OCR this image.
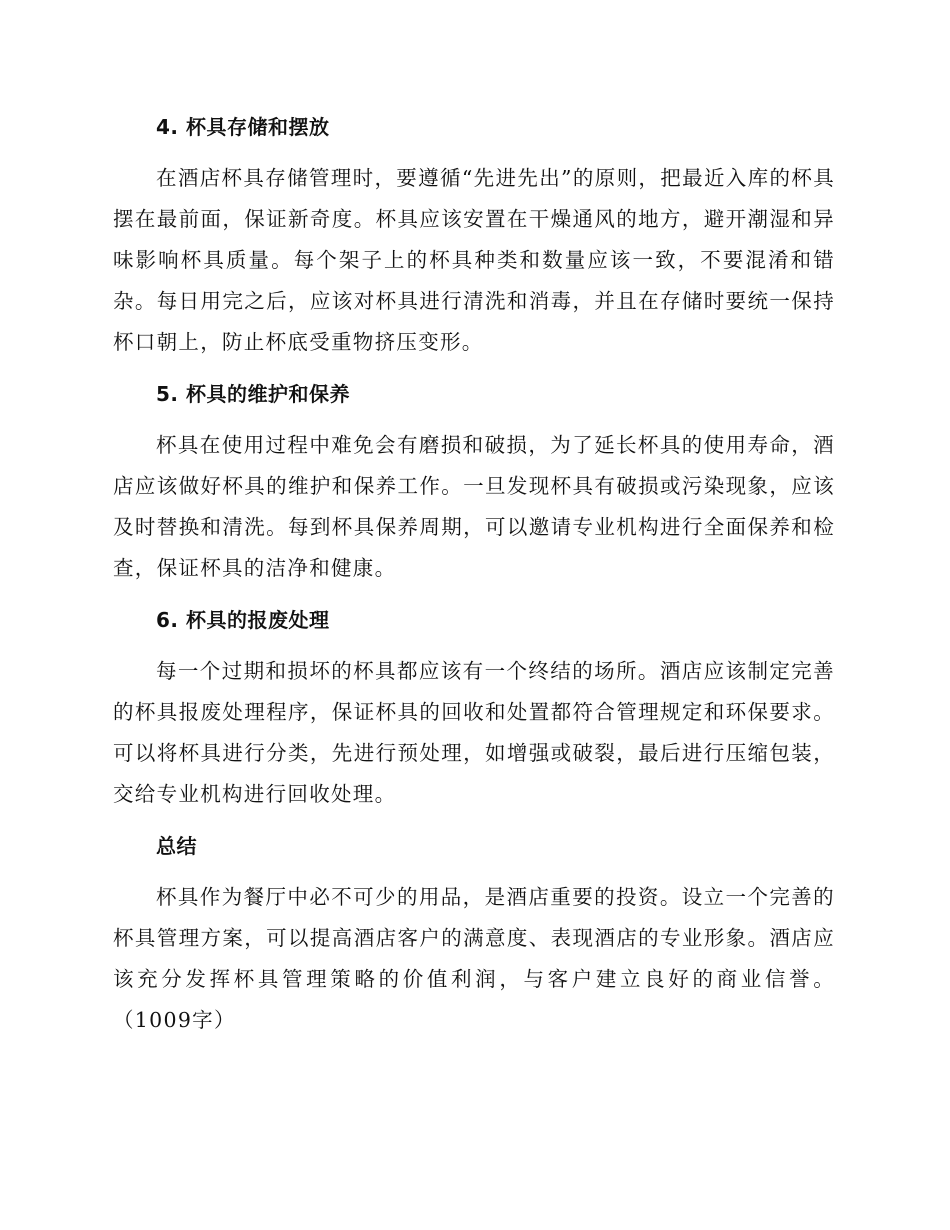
4. 杯具存储和摆放

在酒店杯具存储管理时，要遵循“先进先出”的原则，把最近入库的杯具摆在最前面，保证新奇度。杯具应该安置在干燥通风的地方，避开潮湿和异味影响杯具质量。每个架子上的杯具种类和数量应该一致，不要混淆和错杂。每日用完之后，应该对杯具进行清洗和消毒，并且在存储时要统一保持杯口朝上，防止杯底受重物挤压变形。

5. 杯具的维护和保养

杯具在使用过程中难免会有磨损和破损，为了延长杯具的使用寿命，酒店应该做好杯具的维护和保养工作。一旦发现杯具有破损或污染现象，应该及时替换和清洗。每到杯具保养周期，可以邀请专业机构进行全面保养和检查，保证杯具的洁净和健康。

6. 杯具的报废处理

每一个过期和损坏的杯具都应该有一个终结的场所。酒店应该制定完善的杯具报废处理程序，保证杯具的回收和处置都符合管理规定和环保要求。可以将杯具进行分类，先进行预处理，如增强或破裂，最后进行压缩包装，交给专业机构进行回收处理。

总结

杯具作为餐厅中必不可少的用品，是酒店重要的投资。设立一个完善的杯具管理方案，可以提高酒店客户的满意度、表现酒店的专业形象。酒店应该充分发挥杯具管理策略的价值利润，与客户建立良好的商业信誉。（1009字）
